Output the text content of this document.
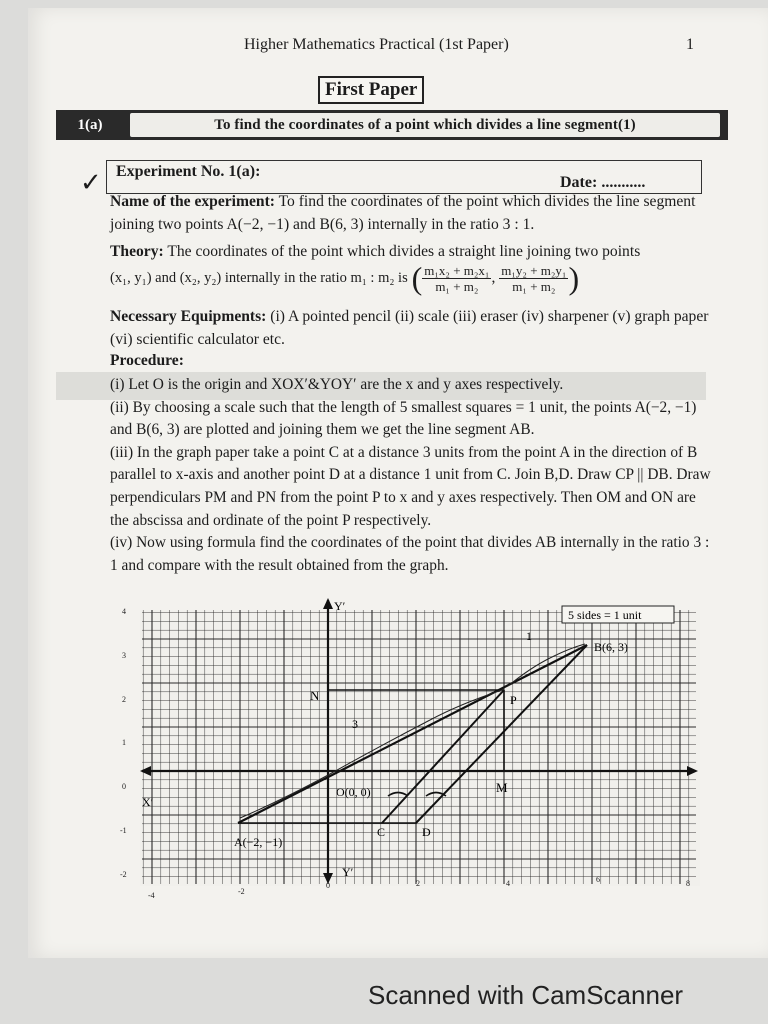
Higher Mathematics Practical (1st Paper)	1
First Paper
1(a)	To find the coordinates of a point which divides a line segment(1)
✓ Experiment No. 1(a):
Date: ...........
Name of the experiment: To find the coordinates of the point which divides the line segment joining two points A(−2, −1) and B(6, 3) internally in the ratio 3 : 1.
Theory: The coordinates of the point which divides a straight line joining two points
(x₁, y₁) and (x₂, y₂) internally in the ratio m₁ : m₂ is ( $\frac{\text{m₁x₂ + m₂x₁}}{\text{m₁ + m₂}}$ , $\frac{\text{m₁y₂ + m₂y₁}}{\text{m₁ + m₂}}$ )
Necessary Equipments: (i) A pointed pencil (ii) scale (iii) eraser (iv) sharpener (v) graph paper (vi) scientific calculator etc.
Procedure:
(i) Let O is the origin and XOX′&YOY′ are the x and y axes respectively.
(ii) By choosing a scale such that the length of 5 smallest squares = 1 unit, the points A(−2, −1) and B(6, 3) are plotted and joining them we get the line segment AB.
(iii) In the graph paper take a point C at a distance 3 units from the point A in the direction of B parallel to x-axis and another point D at a distance 1 unit from C. Join B,D. Draw CP || DB. Draw perpendiculars PM and PN from the point P to x and y axes respectively. Then OM and ON are the abscissa and ordinate of the point P respectively.
(iv) Now using formula find the coordinates of the point that divides AB internally in the ratio 3 : 1 and compare with the result obtained from the graph.
5 sides = 1 unit
Y′
Y′
X′
O(0, 0)
A(−2, −1)
B(6, 3)
C	D
P
M
N
3
1
4
3
2
1
0
-1
-2
-4	-2
0	2	4	6	8
Scanned with CamScanner
